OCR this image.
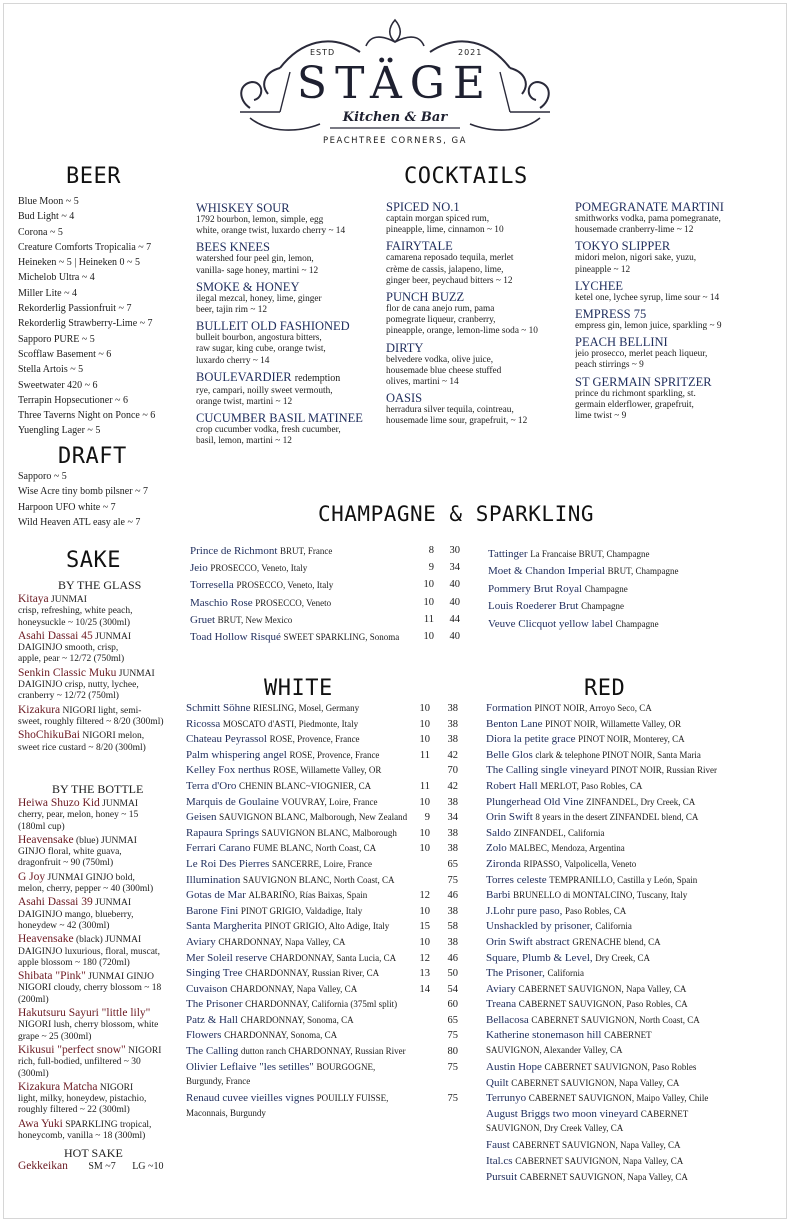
ESTD	2021
STÄGE
Kitchen & Bar
PEACHTREE CORNERS, GA
BEER
Blue Moon ~ 5
Bud Light ~ 4
Corona ~ 5
Creature Comforts Tropicalia ~ 7
Heineken ~ 5 | Heineken 0 ~ 5
Michelob Ultra ~ 4
Miller Lite ~ 4
Rekorderlig Passionfruit ~ 7
Rekorderlig Strawberry-Lime ~ 7
Sapporo PURE ~ 5
Scofflaw Basement ~ 6
Stella Artois ~ 5
Sweetwater 420 ~ 6
Terrapin Hopsecutioner ~ 6
Three Taverns Night on Ponce ~ 6
Yuengling Lager ~ 5
DRAFT
Sapporo ~ 5
Wise Acre tiny bomb pilsner ~ 7
Harpoon UFO white ~ 7
Wild Heaven ATL easy ale ~ 7
SAKE
BY THE GLASS
Kitaya JUNMAI
crisp, refreshing, white peach,
honeysuckle ~ 10/25 (300ml)
Asahi Dassai 45 JUNMAI
DAIGINJO smooth, crisp,
apple, pear ~ 12/72 (750ml)
Senkin Classic Muku JUNMAI
DAIGINJO crisp, nutty, lychee,
cranberry ~ 12/72 (750ml)
Kizakura NIGORI light, semi-
sweet, roughly filtered ~ 8/20 (300ml)
ShoChikuBai NIGORI melon,
sweet rice custard ~ 8/20 (300ml)
BY THE BOTTLE
Heiwa Shuzo Kid JUNMAI
cherry, pear, melon, honey ~ 15
(180ml cup)
Heavensake (blue) JUNMAI
GINJO floral, white guava,
dragonfruit ~ 90 (750ml)
G Joy JUNMAI GINJO bold,
melon, cherry, pepper ~ 40 (300ml)
Asahi Dassai 39 JUNMAI
DAIGINJO mango, blueberry,
honeydew ~ 42 (300ml)
Heavensake (black) JUNMAI
DAIGINJO luxurious, floral, muscat,
apple blossom ~ 180 (720ml)
Shibata "Pink" JUNMAI GINJO
NIGORI cloudy, cherry blossom ~ 18
(200ml)
Hakutsuru Sayuri "little lily"
NIGORI lush, cherry blossom, white
grape ~ 25 (300ml)
Kikusui "perfect snow" NIGORI
rich, full-bodied, unfiltered ~ 30
(300ml)
Kizakura Matcha NIGORI
light, milky, honeydew, pistachio,
roughly filtered ~ 22 (300ml)
Awa Yuki SPARKLING tropical,
honeycomb, vanilla ~ 18 (300ml)
HOT SAKE
Gekkeikan SM ~7 LG ~10
COCKTAILS
WHISKEY SOUR
1792 bourbon, lemon, simple, egg
white, orange twist, luxardo cherry ~ 14
BEES KNEES
watershed four peel gin, lemon,
vanilla- sage honey, martini ~ 12
SMOKE & HONEY
ilegal mezcal, honey, lime, ginger
beer, tajin rim ~ 12
BULLEIT OLD FASHIONED
bulleit bourbon, angostura bitters,
raw sugar, king cube, orange twist,
luxardo cherry ~ 14
BOULEVARDIER redemption
rye, campari, noilly sweet vermouth,
orange twist, martini ~ 12
CUCUMBER BASIL MATINEE
crop cucumber vodka, fresh cucumber,
basil, lemon, martini ~ 12
SPICED NO.1
captain morgan spiced rum,
pineapple, lime, cinnamon ~ 10
FAIRYTALE
camarena reposado tequila, merlet
crème de cassis, jalapeno, lime,
ginger beer, peychaud bitters ~ 12
PUNCH BUZZ
flor de cana anejo rum, pama
pomegrate liqueur, cranberry,
pineapple, orange, lemon-lime soda ~ 10
DIRTY
belvedere vodka, olive juice,
housemade blue cheese stuffed
olives, martini ~ 14
OASIS
herradura silver tequila, cointreau,
housemade lime sour, grapefruit, ~ 12
POMEGRANATE MARTINI
smithworks vodka, pama pomegranate,
housemade cranberry-lime ~ 12
TOKYO SLIPPER
midori melon, nigori sake, yuzu,
pineapple ~ 12
LYCHEE
ketel one, lychee syrup, lime sour ~ 14
EMPRESS 75
empress gin, lemon juice, sparkling ~ 9
PEACH BELLINI
jeio prosecco, merlet peach liqueur,
peach stirrings ~ 9
ST GERMAIN SPRITZER
prince du richmont sparkling, st.
germain elderflower, grapefruit,
lime twist ~ 9
CHAMPAGNE & SPARKLING
Prince de Richmont BRUT, France	8	30
Jeio PROSECCO, Veneto, Italy	9	34
Torresella PROSECCO, Veneto, Italy	10	40
Maschio Rose PROSECCO, Veneto	10	40
Gruet BRUT, New Mexico	11	44
Toad Hollow Risqué SWEET SPARKLING, Sonoma	10	40
Tattinger La Francaise BRUT, Champagne
Moet & Chandon Imperial BRUT, Champagne
Pommery Brut Royal Champagne
Louis Roederer Brut Champagne
Veuve Clicquot yellow label Champagne
WHITE
Schmitt Söhne RIESLING, Mosel, Germany	10	38
Ricossa MOSCATO d'ASTI, Piedmonte, Italy	10	38
Chateau Peyrassol ROSE, Provence, France	10	38
Palm whispering angel ROSE, Provence, France	11	42
Kelley Fox nerthus ROSE, Willamette Valley, OR	70
Terra d'Oro CHENIN BLANC~VIOGNIER, CA	11	42
Marquis de Goulaine VOUVRAY, Loire, France	10	38
Geisen SAUVIGNON BLANC, Malborough, New Zealand	9	34
Rapaura Springs SAUVIGNON BLANC, Malborough	10	38
Ferrari Carano FUME BLANC, North Coast, CA	10	38
Le Roi Des Pierres SANCERRE, Loire, France	65
Illumination SAUVIGNON BLANC, North Coast, CA	75
Gotas de Mar ALBARIÑO, Rías Baixas, Spain	12	46
Barone Fini PINOT GRIGIO, Valdadige, Italy	10	38
Santa Margherita PINOT GRIGIO, Alto Adige, Italy	15	58
Aviary CHARDONNAY, Napa Valley, CA	10	38
Mer Soleil reserve CHARDONNAY, Santa Lucia, CA	12	46
Singing Tree CHARDONNAY, Russian River, CA	13	50
Cuvaison CHARDONNAY, Napa Valley, CA	14	54
The Prisoner CHARDONNAY, California (375ml split)	60
Patz & Hall CHARDONNAY, Sonoma, CA	65
Flowers CHARDONNAY, Sonoma, CA	75
The Calling dutton ranch CHARDONNAY, Russian River	80
Olivier Leflaive "les setilles" BOURGOGNE,	75
Burgundy, France
Renaud cuvee vieilles vignes POUILLY FUISSE,	75
Maconnais, Burgundy
RED
Formation PINOT NOIR, Arroyo Seco, CA
Benton Lane PINOT NOIR, Willamette Valley, OR
Diora la petite grace PINOT NOIR, Monterey, CA
Belle Glos clark & telephone PINOT NOIR, Santa Maria
The Calling single vineyard PINOT NOIR, Russian River
Robert Hall MERLOT, Paso Robles, CA
Plungerhead Old Vine ZINFANDEL, Dry Creek, CA
Orin Swift 8 years in the desert ZINFANDEL blend, CA
Saldo ZINFANDEL, California
Zolo MALBEC, Mendoza, Argentina
Zironda RIPASSO, Valpolicella, Veneto
Torres celeste TEMPRANILLO, Castilla y León, Spain
Barbi BRUNELLO di MONTALCINO, Tuscany, Italy
J.Lohr pure paso, Paso Robles, CA
Unshackled by prisoner, California
Orin Swift abstract GRENACHE blend, CA
Square, Plumb & Level, Dry Creek, CA
The Prisoner, California
Aviary CABERNET SAUVIGNON, Napa Valley, CA
Treana CABERNET SAUVIGNON, Paso Robles, CA
Bellacosa CABERNET SAUVIGNON, North Coast, CA
Katherine stonemason hill CABERNET
SAUVIGNON, Alexander Valley, CA
Austin Hope CABERNET SAUVIGNON, Paso Robles
Quilt CABERNET SAUVIGNON, Napa Valley, CA
Terrunyo CABERNET SAUVIGNON, Maipo Valley, Chile
August Briggs two moon vineyard CABERNET
SAUVIGNON, Dry Creek Valley, CA
Faust CABERNET SAUVIGNON, Napa Valley, CA
Ital.cs CABERNET SAUVIGNON, Napa Valley, CA
Pursuit CABERNET SAUVIGNON, Napa Valley, CA
